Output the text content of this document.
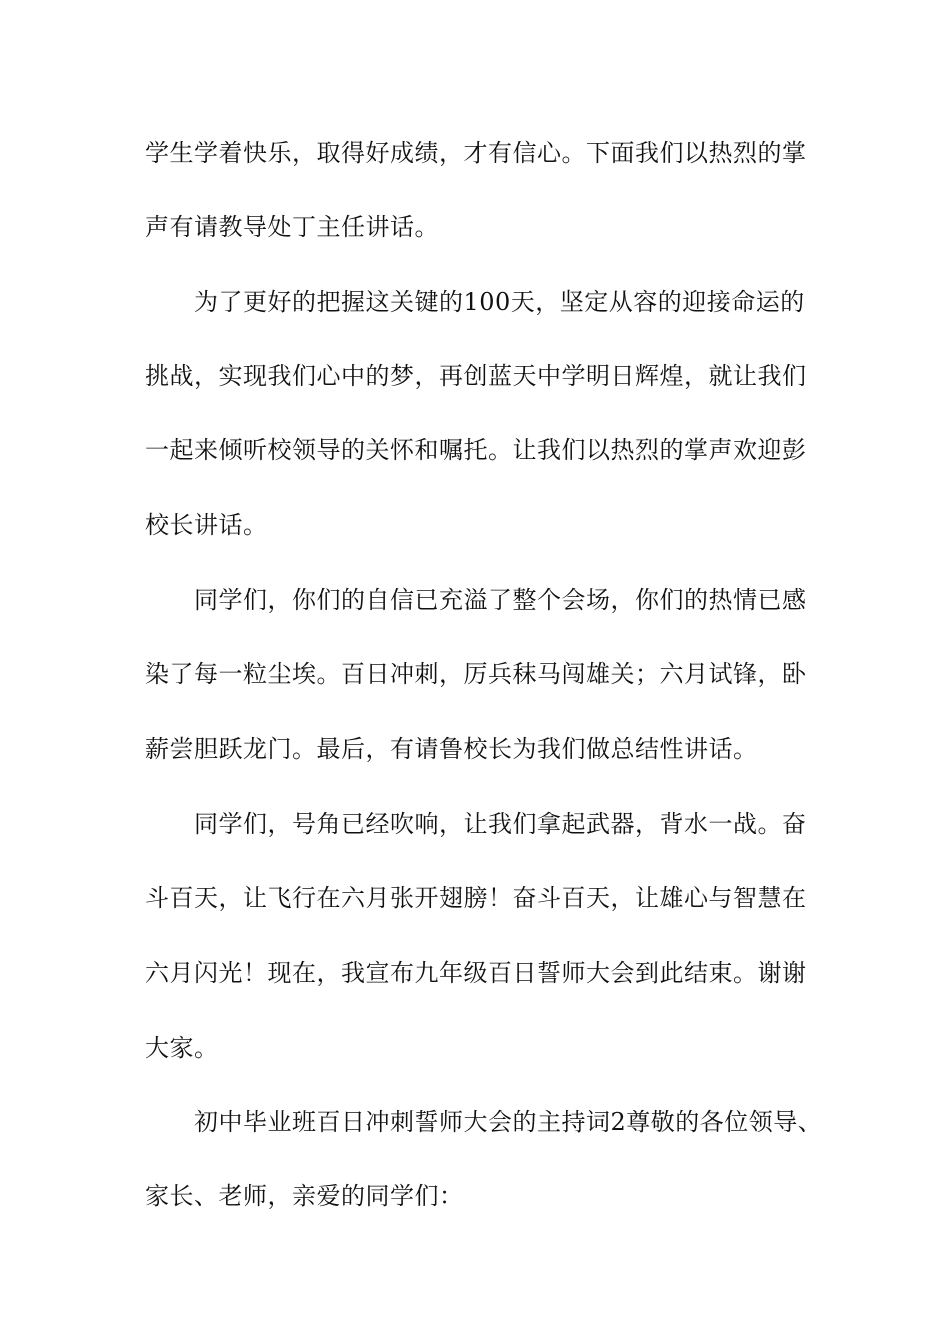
学生学着快乐，取得好成绩，才有信心。下面我们以热烈的掌
声有请教导处丁主任讲话。
为了更好的把握这关键的100天，坚定从容的迎接命运的
挑战，实现我们心中的梦，再创蓝天中学明日辉煌，就让我们
一起来倾听校领导的关怀和嘱托。让我们以热烈的掌声欢迎彭
校长讲话。
同学们，你们的自信已充溢了整个会场，你们的热情已感
染了每一粒尘埃。百日冲刺，厉兵秣马闯雄关；六月试锋，卧
薪尝胆跃龙门。最后，有请鲁校长为我们做总结性讲话。
同学们，号角已经吹响，让我们拿起武器，背水一战。奋
斗百天，让飞行在六月张开翅膀！奋斗百天，让雄心与智慧在
六月闪光！现在，我宣布九年级百日誓师大会到此结束。谢谢
大家。
初中毕业班百日冲刺誓师大会的主持词2尊敬的各位领导、
家长、老师，亲爱的同学们：
